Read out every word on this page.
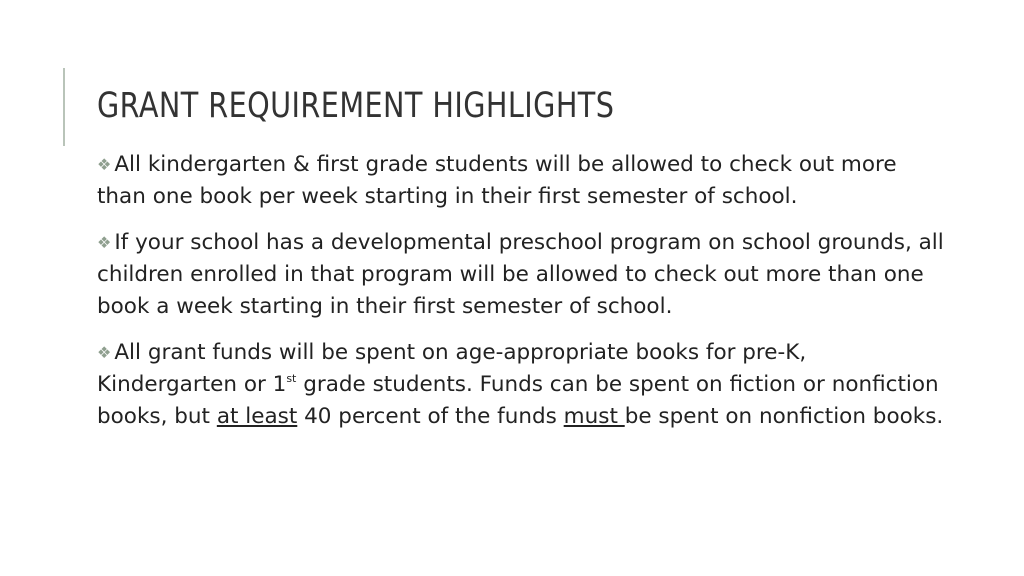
GRANT REQUIREMENT HIGHLIGHTS
❖ All kindergarten & first grade students will be allowed to check out more than one book per week starting in their first semester of school.
❖ If your school has a developmental preschool program on school grounds, all children enrolled in that program will be allowed to check out more than one book a week starting in their first semester of school.
❖ All grant funds will be spent on age-appropriate books for pre-K, Kindergarten or 1st grade students. Funds can be spent on fiction or nonfiction books, but at least 40 percent of the funds must be spent on nonfiction books.
